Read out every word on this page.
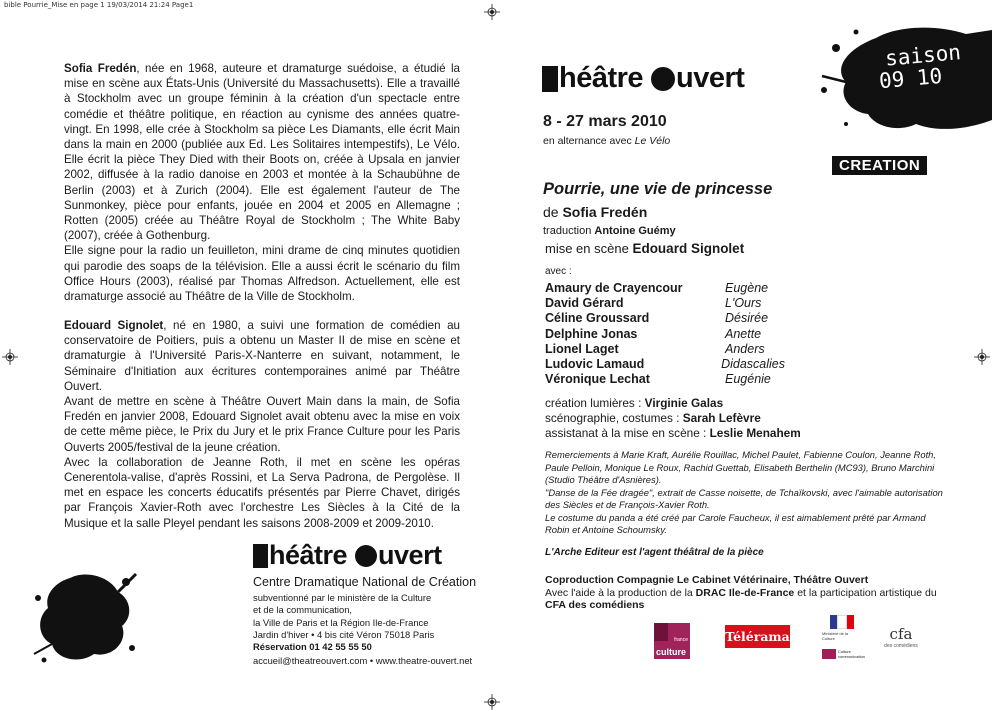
bible Pourrie_Mise en page 1 19/03/2014 21:24 Page1

Sofia Fredén, née en 1968, auteure et dramaturge suédoise, a étudié la mise en scène aux États-Unis (Université du Massachusetts). Elle a travaillé à Stockholm avec un groupe féminin à la création d'un spectacle entre comédie et théâtre politique, en réaction au cynisme des années quatre-vingt. En 1998, elle crée à Stockholm sa pièce Les Diamants, elle écrit Main dans la main en 2000 (publiée aux Ed. Les Solitaires intempestifs), Le Vélo. Elle écrit la pièce They Died with their Boots on, créée à Upsala en janvier 2002, diffusée à la radio danoise en 2003 et montée à la Schaubühne de Berlin (2003) et à Zurich (2004). Elle est également l'auteur de The Sunmonkey, pièce pour enfants, jouée en 2004 et 2005 en Allemagne ; Rotten (2005) créée au Théâtre Royal de Stockholm ; The White Baby (2007), créée à Gothenburg.

Elle signe pour la radio un feuilleton, mini drame de cinq minutes quotidien qui parodie des soaps de la télévision. Elle a aussi écrit le scénario du film Office Hours (2003), réalisé par Thomas Alfredson. Actuellement, elle est dramaturge associé au Théâtre de la Ville de Stockholm.

Edouard Signolet, né en 1980, a suivi une formation de comédien au conservatoire de Poitiers, puis a obtenu un Master II de mise en scène et dramaturgie à l'Université Paris-X-Nanterre en suivant, notamment, le Séminaire d'Initiation aux écritures contemporaines animé par Théâtre Ouvert.

Avant de mettre en scène à Théâtre Ouvert Main dans la main, de Sofia Fredén en janvier 2008, Edouard Signolet avait obtenu avec la mise en voix de cette même pièce, le Prix du Jury et le prix France Culture pour les Paris Ouverts 2005/festival de la jeune création.

Avec la collaboration de Jeanne Roth, il met en scène les opéras Cenerentola-valise, d'après Rossini, et La Serva Padrona, de Pergolèse. Il met en espace les concerts éducatifs présentés par Pierre Chavet, dirigés par François Xavier-Roth avec l'orchestre Les Siècles à la Cité de la Musique et la salle Pleyel pendant les saisons 2008-2009 et 2009-2010.

héâtre uvert
Centre Dramatique National de Création
subventionné par le ministère de la Culture
et de la communication,
la Ville de Paris et la Région Ile-de-France
Jardin d'hiver • 4 bis cité Véron 75018 Paris
Réservation 01 42 55 55 50
accueil@theatreouvert.com • www.theatre-ouvert.net
héâtre uvert
saison
09 10
CREATION
8 - 27 mars 2010
en alternance avec Le Vélo
Pourrie, une vie de princesse
de Sofia Fredén
traduction Antoine Guémy
mise en scène Edouard Signolet
avec :
Amaury de Crayencour	Eugène
David Gérard	L'Ours
Céline Groussard	Désirée
Delphine Jonas	Anette
Lionel Laget	Anders
Ludovic Lamaud	Didascalies
Véronique Lechat	Eugénie
création lumières : Virginie Galas
scénographie, costumes : Sarah Lefèvre
assistanat à la mise en scène : Leslie Menahem
Remerciements à Marie Kraft, Aurélie Rouillac, Michel Paulet, Fabienne Coulon, Jeanne Roth, Paule Pelloin, Monique Le Roux, Rachid Guettab, Elisabeth Berthelin (MC93), Bruno Marchini (Studio Théâtre d'Asnières).
"Danse de la Fée dragée", extrait de Casse noisette, de Tchaïkovski, avec l'aimable autorisation des Siècles et de François-Xavier Roth.
Le costume du panda a été créé par Carole Faucheux, il est aimablement prêté par Armand Robin et Antoine Schoumsky.
L'Arche Editeur est l'agent théâtral de la pièce
Coproduction Compagnie Le Cabinet Vétérinaire, Théâtre Ouvert
Avec l'aide à la production de la DRAC Ile-de-France et la participation artistique du
CFA des comédiens
france
culture
Télérama	Ministère de la Culture
Culture communication
cfa
des comédiens
